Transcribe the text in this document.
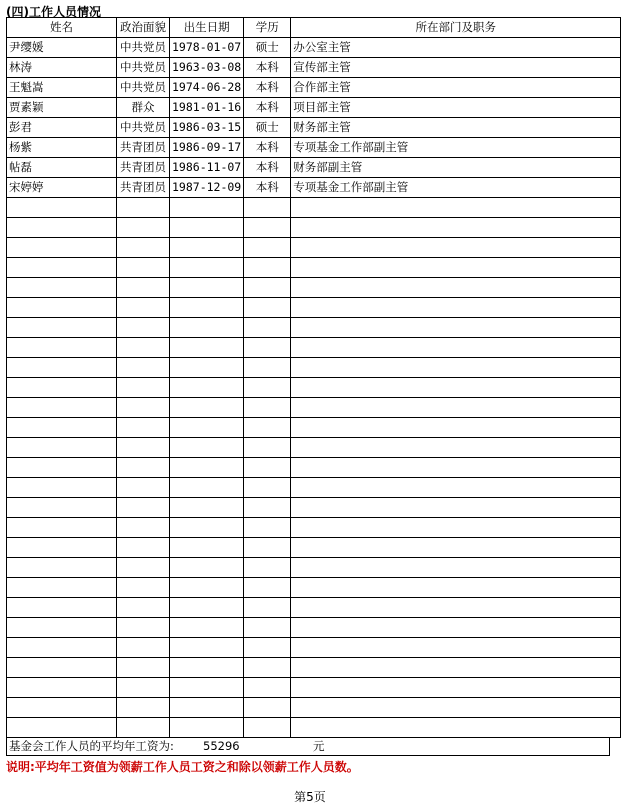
(四)工作人员情况
姓名	政治面貌	出生日期	学历	所在部门及职务
尹缨媛	中共党员	1978-01-07	硕士	办公室主管
林涛	中共党员	1963-03-08	本科	宣传部主管
王魁嵩	中共党员	1974-06-28	本科	合作部主管
贾素颖	群众	1981-01-16	本科	项目部主管
彭君	中共党员	1986-03-15	硕士	财务部主管
杨紫	共青团员	1986-09-17	本科	专项基金工作部副主管
帖磊	共青团员	1986-11-07	本科	财务部副主管
宋婷婷	共青团员	1987-12-09	本科	专项基金工作部副主管

基金会工作人员的平均年工资为:	55296	元
说明:平均年工资值为领薪工作人员工资之和除以领薪工作人员数。
第5页
